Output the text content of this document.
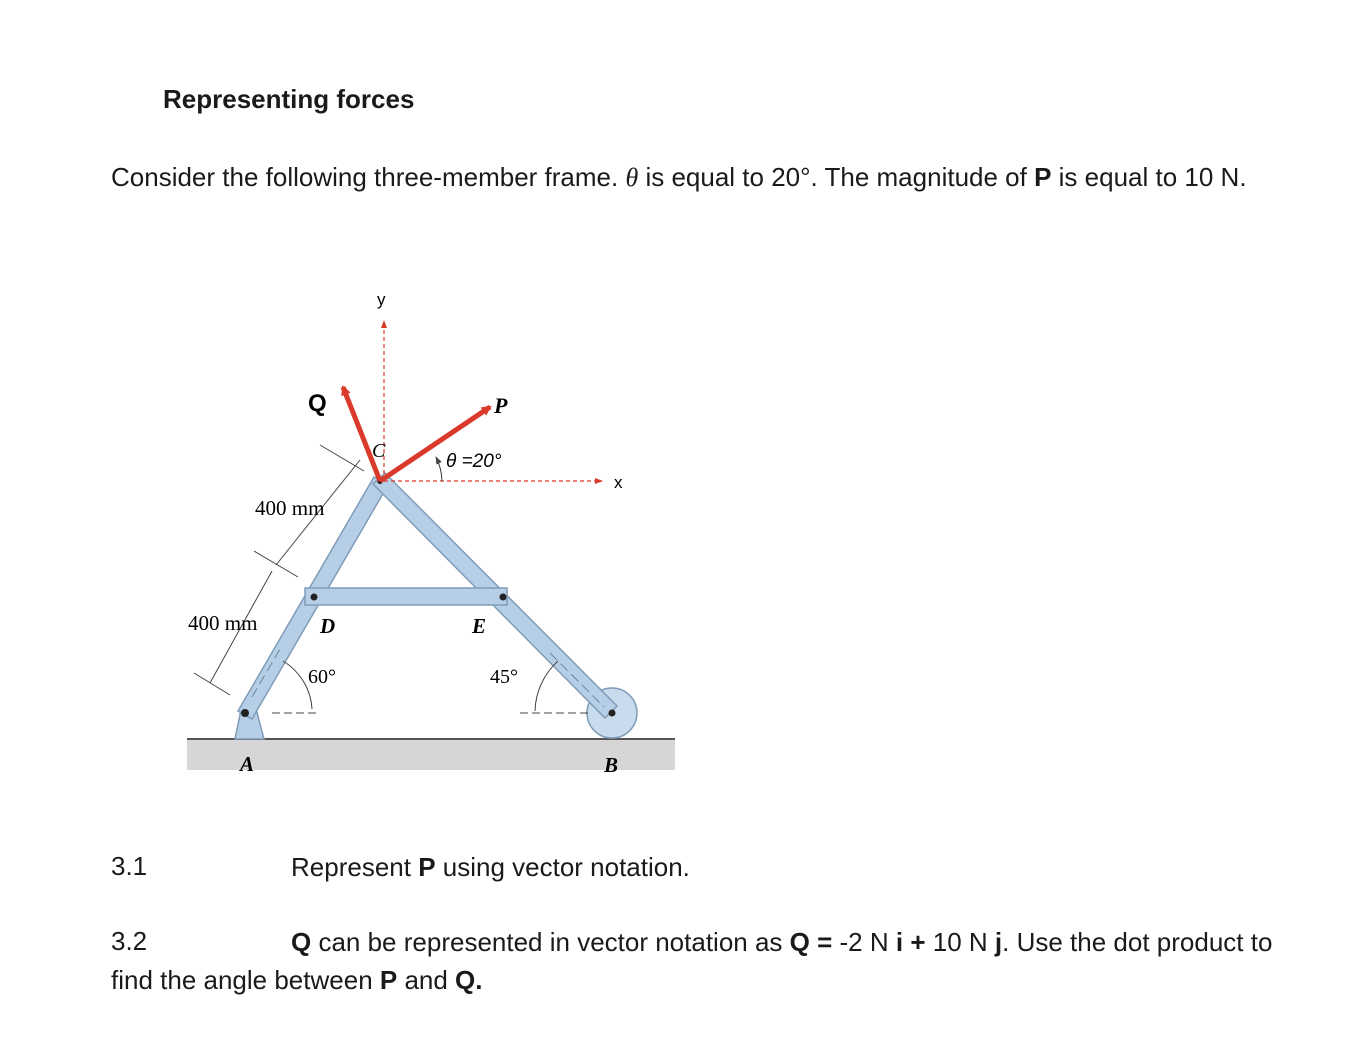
Representing forces
Consider the following three-member frame. θ is equal to 20°. The magnitude of P is equal to 10 N.
y
x
Q	P
C	θ =20°
400 mm
400 mm	D	E
60°	45°
A	B
3.1	Represent P using vector notation.
3.2	Q can be represented in vector notation as Q = -2 N i + 10 N j. Use the dot product to find the angle between P and Q.
